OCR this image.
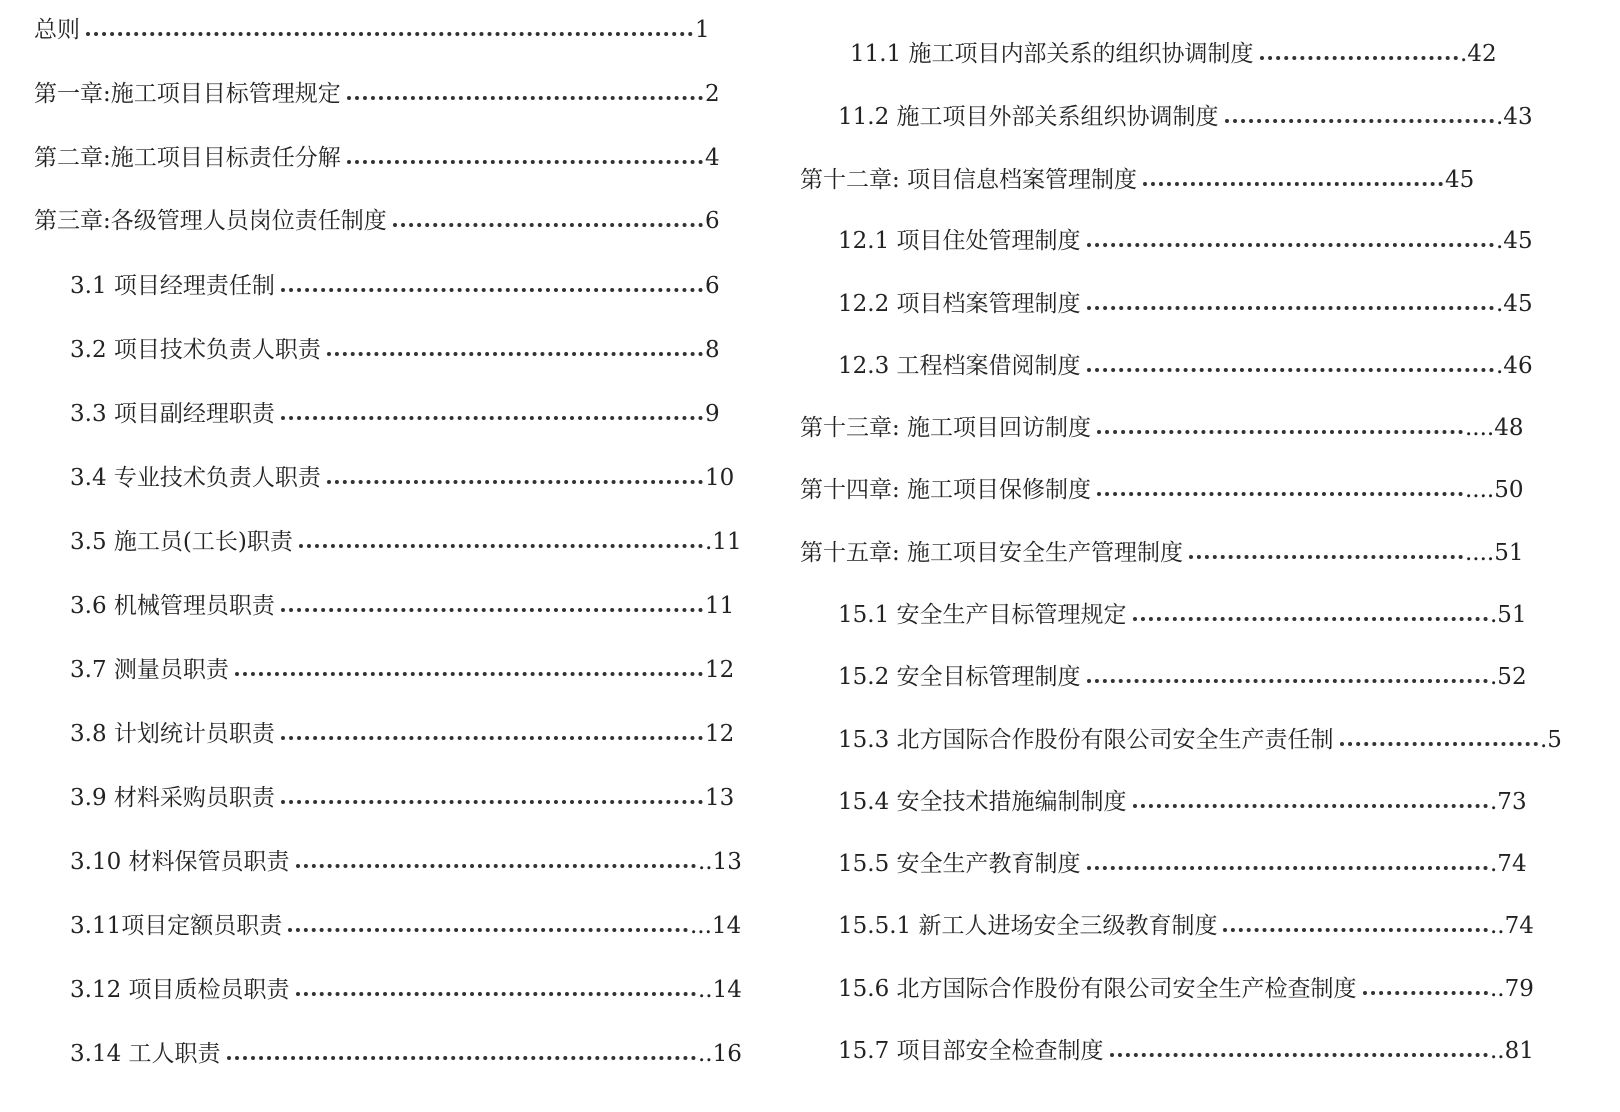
总则	1
第一章:施工项目目标管理规定	2
第二章:施工项目目标责任分解	4
第三章:各级管理人员岗位责任制度	6
3.1 项目经理责任制	6
3.2 项目技术负责人职责	8
3.3 项目副经理职责	9
3.4 专业技术负责人职责	10
3.5 施工员(工长)职责	.11
3.6 机械管理员职责	11
3.7 测量员职责	12
3.8 计划统计员职责	12
3.9 材料采购员职责	13
3.10 材料保管员职责	..13
3.11项目定额员职责	...14
3.12 项目质检员职责	..14
3.14 工人职责	..16
11.1 施工项目内部关系的组织协调制度	.42
11.2 施工项目外部关系组织协调制度	.43
第十二章: 项目信息档案管理制度	45
12.1 项目住处管理制度	.45
12.2 项目档案管理制度	.45
12.3 工程档案借阅制度	.46
第十三章: 施工项目回访制度	....48
第十四章: 施工项目保修制度	....50
第十五章: 施工项目安全生产管理制度	....51
15.1 安全生产目标管理规定	.51
15.2 安全目标管理制度	.52
15.3 北方国际合作股份有限公司安全生产责任制	.5
15.4 安全技术措施编制制度	.73
15.5 安全生产教育制度	.74
15.5.1 新工人进场安全三级教育制度	..74
15.6 北方国际合作股份有限公司安全生产检查制度	..79
15.7 项目部安全检查制度	..81
